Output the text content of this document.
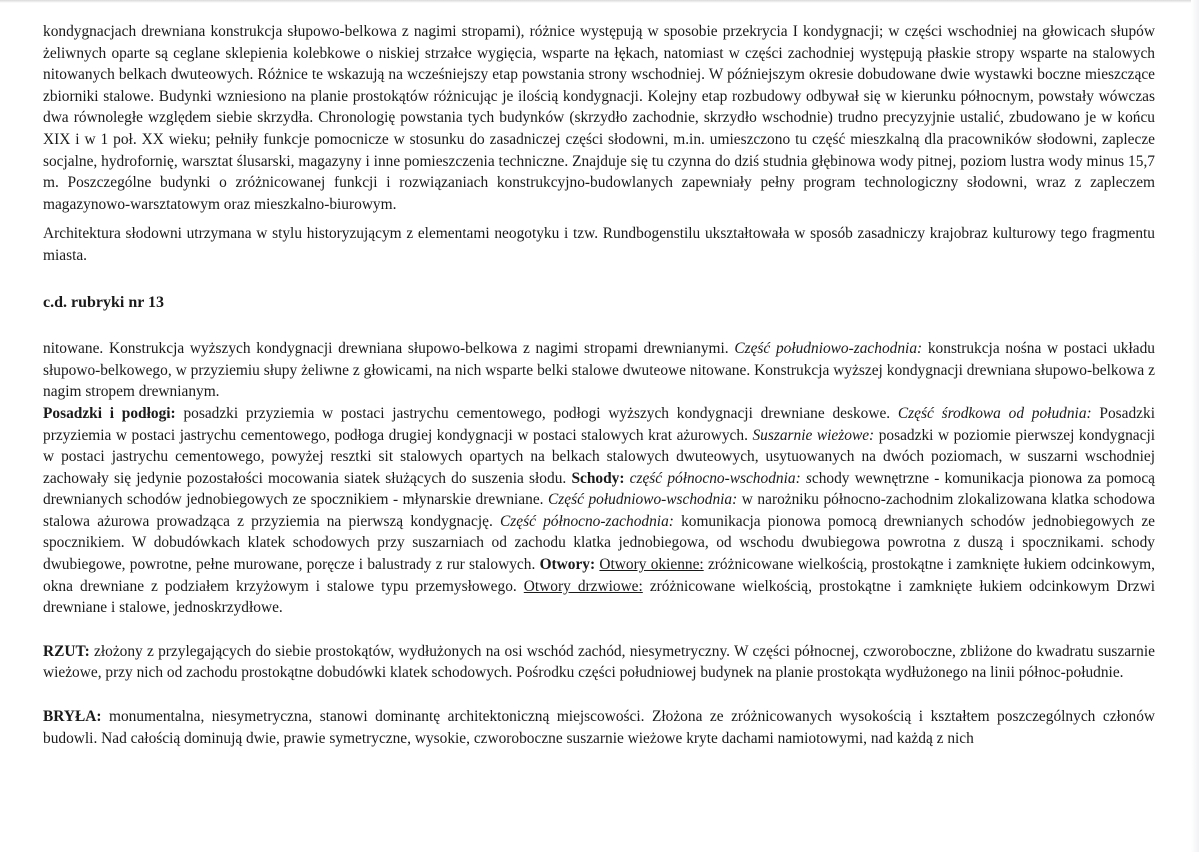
kondygnacjach drewniana konstrukcja słupowo-belkowa z nagimi stropami), różnice występują w sposobie przekrycia I kondygnacji; w części wschodniej na głowicach słupów żeliwnych oparte są ceglane sklepienia kolebkowe o niskiej strzałce wygięcia, wsparte na łękach, natomiast w części zachodniej występują płaskie stropy wsparte na stalowych nitowanych belkach dwuteowych. Różnice te wskazują na wcześniejszy etap powstania strony wschodniej. W późniejszym okresie dobudowane dwie wystawki boczne mieszczące zbiorniki stalowe. Budynki wzniesiono na planie prostokątów różnicując je ilością kondygnacji. Kolejny etap rozbudowy odbywał się w kierunku północnym, powstały wówczas dwa równoległe względem siebie skrzydła. Chronologię powstania tych budynków (skrzydło zachodnie, skrzydło wschodnie) trudno precyzyjnie ustalić, zbudowano je w końcu XIX i w 1 poł. XX wieku; pełniły funkcje pomocnicze w stosunku do zasadniczej części słodowni, m.in. umieszczono tu część mieszkalną dla pracowników słodowni, zaplecze socjalne, hydrofornię, warsztat ślusarski, magazyny i inne pomieszczenia techniczne. Znajduje się tu czynna do dziś studnia głębinowa wody pitnej, poziom lustra wody minus 15,7 m. Poszczególne budynki o zróżnicowanej funkcji i rozwiązaniach konstrukcyjno-budowlanych zapewniały pełny program technologiczny słodowni, wraz z zapleczem magazynowo-warsztatowym oraz mieszkalno-biurowym.

Architektura słodowni utrzymana w stylu historyzującym z elementami neogotyku i tzw. Rundbogenstilu ukształtowała w sposób zasadniczy krajobraz kulturowy tego fragmentu miasta.

c.d. rubryki nr 13

nitowane. Konstrukcja wyższych kondygnacji drewniana słupowo-belkowa z nagimi stropami drewnianymi. Część południowo-zachodnia: konstrukcja nośna w postaci układu słupowo-belkowego, w przyziemiu słupy żeliwne z głowicami, na nich wsparte belki stalowe dwuteowe nitowane. Konstrukcja wyższej kondygnacji drewniana słupowo-belkowa z nagim stropem drewnianym.

Posadzki i podłogi: posadzki przyziemia w postaci jastrychu cementowego, podłogi wyższych kondygnacji drewniane deskowe. Część środkowa od południa: Posadzki przyziemia w postaci jastrychu cementowego, podłoga drugiej kondygnacji w postaci stalowych krat ażurowych. Suszarnie wieżowe: posadzki w poziomie pierwszej kondygnacji w postaci jastrychu cementowego, powyżej resztki sit stalowych opartych na belkach stalowych dwuteowych, usytuowanych na dwóch poziomach, w suszarni wschodniej zachowały się jedynie pozostałości mocowania siatek służących do suszenia słodu. Schody: część północno-wschodnia: schody wewnętrzne - komunikacja pionowa za pomocą drewnianych schodów jednobiegowych ze spocznikiem - młynarskie drewniane. Część południowo-wschodnia: w narożniku północno-zachodnim zlokalizowana klatka schodowa stalowa ażurowa prowadząca z przyziemia na pierwszą kondygnację. Część północno-zachodnia: komunikacja pionowa pomocą drewnianych schodów jednobiegowych ze spocznikiem. W dobudówkach klatek schodowych przy suszarniach od zachodu klatka jednobiegowa, od wschodu dwubiegowa powrotna z duszą i spocznikami. schody dwubiegowe, powrotne, pełne murowane, poręcze i balustrady z rur stalowych. Otwory: Otwory okienne: zróżnicowane wielkością, prostokątne i zamknięte łukiem odcinkowym, okna drewniane z podziałem krzyżowym i stalowe typu przemysłowego. Otwory drzwiowe: zróżnicowane wielkością, prostokątne i zamknięte łukiem odcinkowym Drzwi drewniane i stalowe, jednoskrzydłowe.

RZUT: złożony z przylegających do siebie prostokątów, wydłużonych na osi wschód zachód, niesymetryczny. W części północnej, czworoboczne, zbliżone do kwadratu suszarnie wieżowe, przy nich od zachodu prostokątne dobudówki klatek schodowych. Pośrodku części południowej budynek na planie prostokąta wydłużonego na linii północ-południe.

BRYŁA: monumentalna, niesymetryczna, stanowi dominantę architektoniczną miejscowości. Złożona ze zróżnicowanych wysokością i kształtem poszczególnych członów budowli. Nad całością dominują dwie, prawie symetryczne, wysokie, czworoboczne suszarnie wieżowe kryte dachami namiotowymi, nad każdą z nich
